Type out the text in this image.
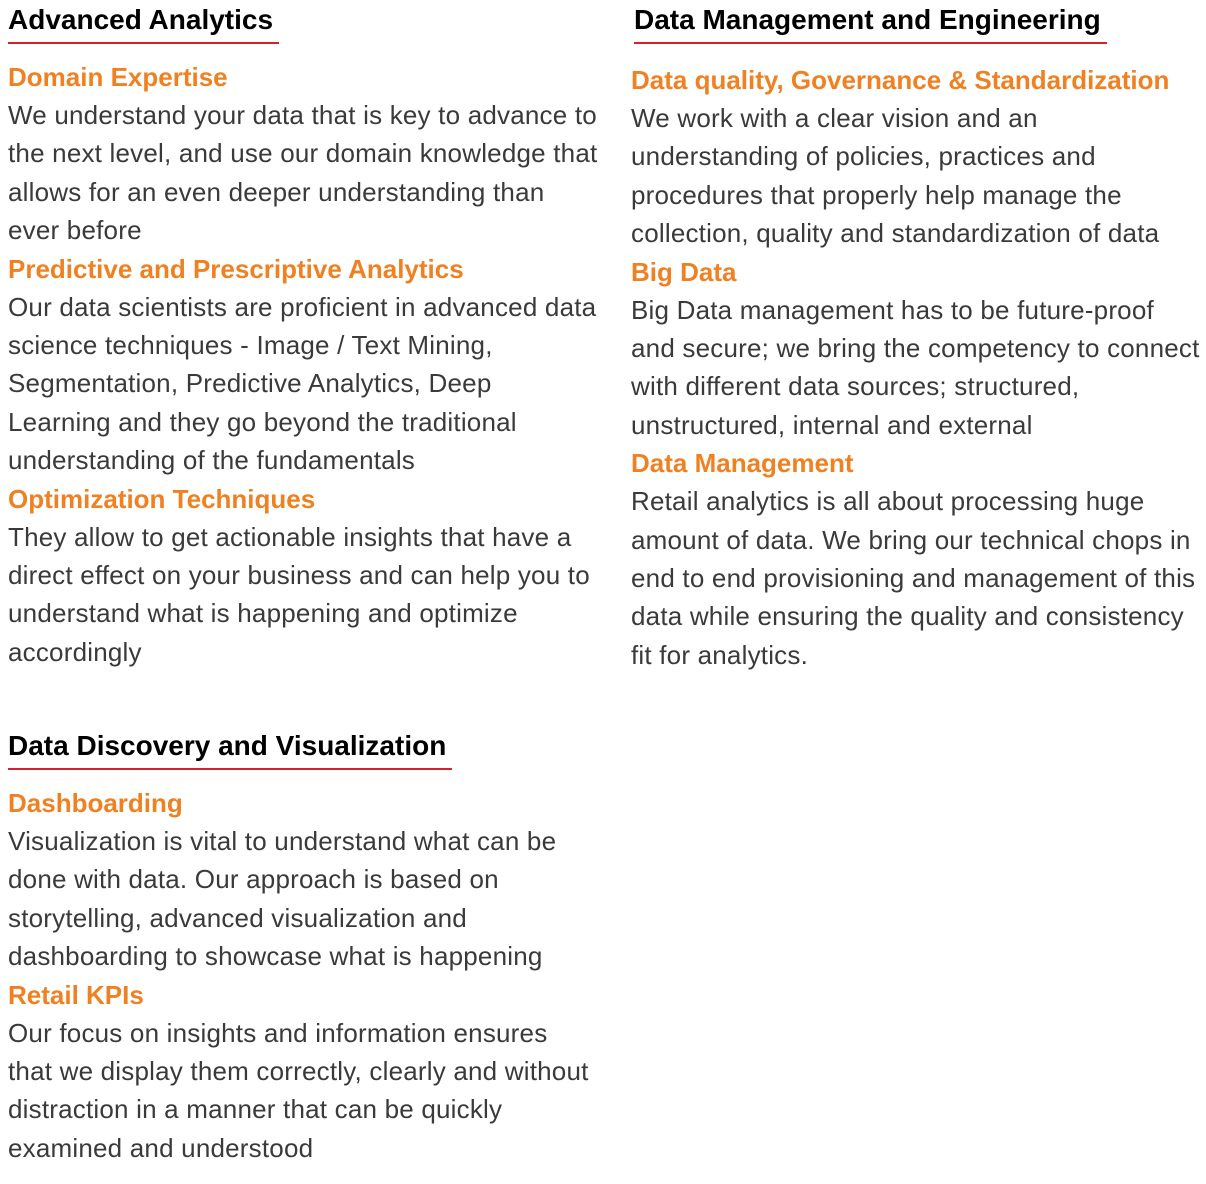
Advanced Analytics
Domain Expertise

We understand your data that is key to advance to the next level, and use our domain knowledge that allows for an even deeper understanding than ever before

Predictive and Prescriptive Analytics

Our data scientists are proficient in advanced data science techniques - Image / Text Mining, Segmentation, Predictive Analytics, Deep Learning and they go beyond the traditional understanding of the fundamentals

Optimization Techniques

They allow to get actionable insights that have a direct effect on your business and can help you to understand what is happening and optimize accordingly

Data Discovery and Visualization
Dashboarding

Visualization is vital to understand what can be done with data. Our approach is based on storytelling, advanced visualization and dashboarding to showcase what is happening

Retail KPIs

Our focus on insights and information ensures that we display them correctly, clearly and without distraction in a manner that can be quickly examined and understood

Data Management and Engineering
Data quality, Governance & Standardization

We work with a clear vision and an understanding of policies, practices and procedures that properly help manage the collection, quality and standardization of data

Big Data

Big Data management has to be future-proof and secure; we bring the competency to connect with different data sources; structured, unstructured, internal and external

Data Management

Retail analytics is all about processing huge amount of data. We bring our technical chops in end to end provisioning and management of this data while ensuring the quality and consistency fit for analytics.
